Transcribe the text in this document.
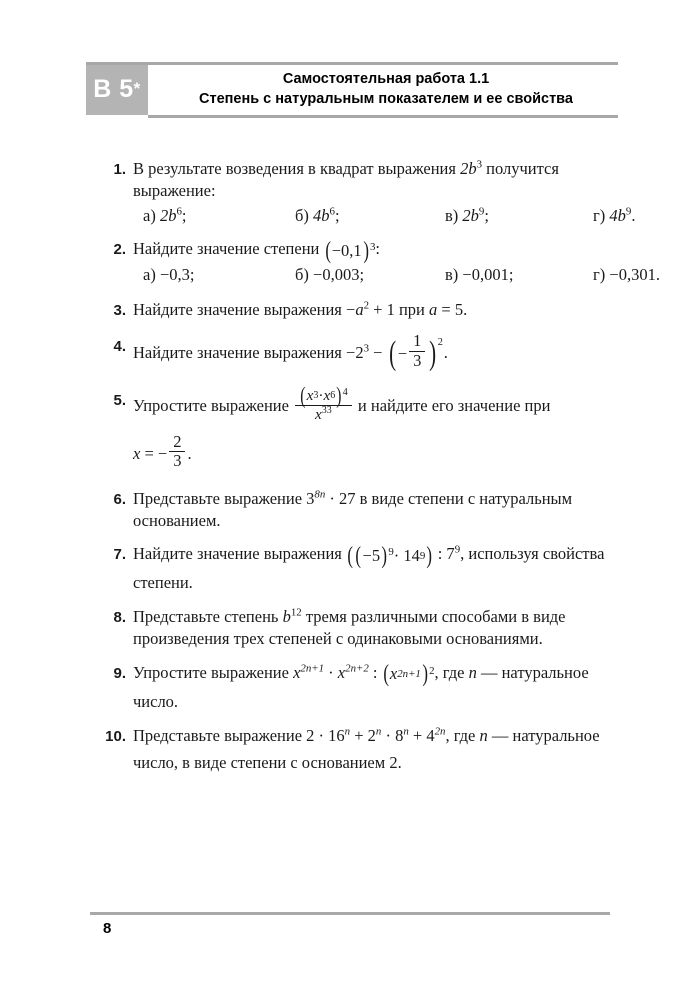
В 5 *	Самостоятельная работа 1.1
Степень с натуральным показателем и ее свойства
1. В результате возведения в квадрат выражения $2b^3$ получится
выражение:
а) $2b^6$;	б) $4b^6$;	в) $2b^9$;	г) $4b^9$.
2. Найдите значение степени ( −0,1 ) 3 :
а) −0,3;	б) −0,003;	в) −0,001;	г) −0,301.
3. Найдите значение выражения $-a^2 + 1$ при a = 5.
4. Найдите значение выражения $-2^3$ − ( − $\frac{1}{3}$ ) 2
.
5. Упростите выражение $\frac{( x 3 \cdot x 6 ) 4}{x^{33}}$ и найдите его значение при
x = − $\frac{2}{3}$ .
6. Представьте выражение $3^{8n} \cdot 27$ в виде степени с натуральным
основанием.
7. Найдите значение выражения ( ( −5 ) 9 · 14 9 ) : $7^9$, используя свойства
степени.
8. Представьте степень $b^{12}$ тремя различными способами в виде
произведения трех степеней с одинаковыми основаниями.
9. Упростите выражение $x^{2n+1} \cdot x^{2n+2}$ : ( x 2n+1 ) 2 , где n — натуральное
число.
10. Представьте выражение $2 \cdot 16^n + 2^n \cdot 8^n + 4^{2n}$, где n — натуральное
число, в виде степени с основанием 2.
8
